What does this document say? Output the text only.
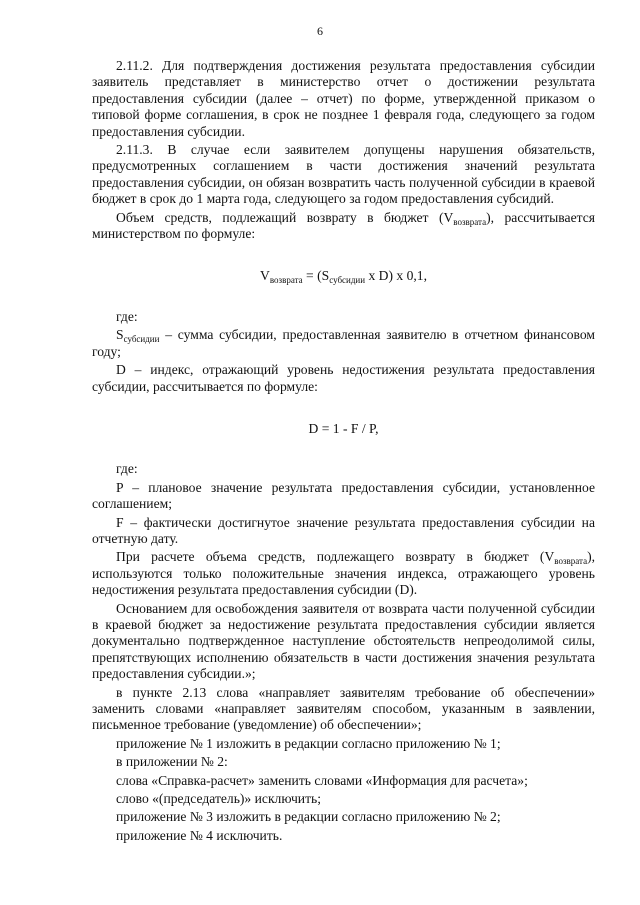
6

2.11.2. Для подтверждения достижения результата предоставления субсидии заявитель представляет в министерство отчет о достижении результата предоставления субсидии (далее – отчет) по форме, утвержденной приказом о типовой форме соглашения, в срок не позднее 1 февраля года, следующего за годом предоставления субсидии.

2.11.3. В случае если заявителем допущены нарушения обязательств, предусмотренных соглашением в части достижения значений результата предоставления субсидии, он обязан возвратить часть полученной субсидии в краевой бюджет в срок до 1 марта года, следующего за годом предоставления субсидий.

Объем средств, подлежащий возврату в бюджет $(V_{возврата})$, рассчитывается министерством по формуле:

$V_{возврата} = (S_{субсидии}$ х D) х 0,1,

где:

$S_{субсидии}$ – сумма субсидии, предоставленная заявителю в отчетном финансовом году;

D – индекс, отражающий уровень недостижения результата предоставления субсидии, рассчитывается по формуле:

D = 1 - F / P,

где:

P – плановое значение результата предоставления субсидии, установленное соглашением;

F – фактически достигнутое значение результата предоставления субсидии на отчетную дату.

При расчете объема средств, подлежащего возврату в бюджет $(V_{возврата})$, используются только положительные значения индекса, отражающего уровень недостижения результата предоставления субсидии (D).

Основанием для освобождения заявителя от возврата части полученной субсидии в краевой бюджет за недостижение результата предоставления субсидии является документально подтвержденное наступление обстоятельств непреодолимой силы, препятствующих исполнению обязательств в части достижения значения результата предоставления субсидии.»;

в пункте 2.13 слова «направляет заявителям требование об обеспечении» заменить словами «направляет заявителям способом, указанным в заявлении, письменное требование (уведомление) об обеспечении»;

приложение № 1 изложить в редакции согласно приложению № 1;

в приложении № 2:

слова «Справка-расчет» заменить словами «Информация для расчета»;

слово «(председатель)» исключить;

приложение № 3 изложить в редакции согласно приложению № 2;

приложение № 4 исключить.
